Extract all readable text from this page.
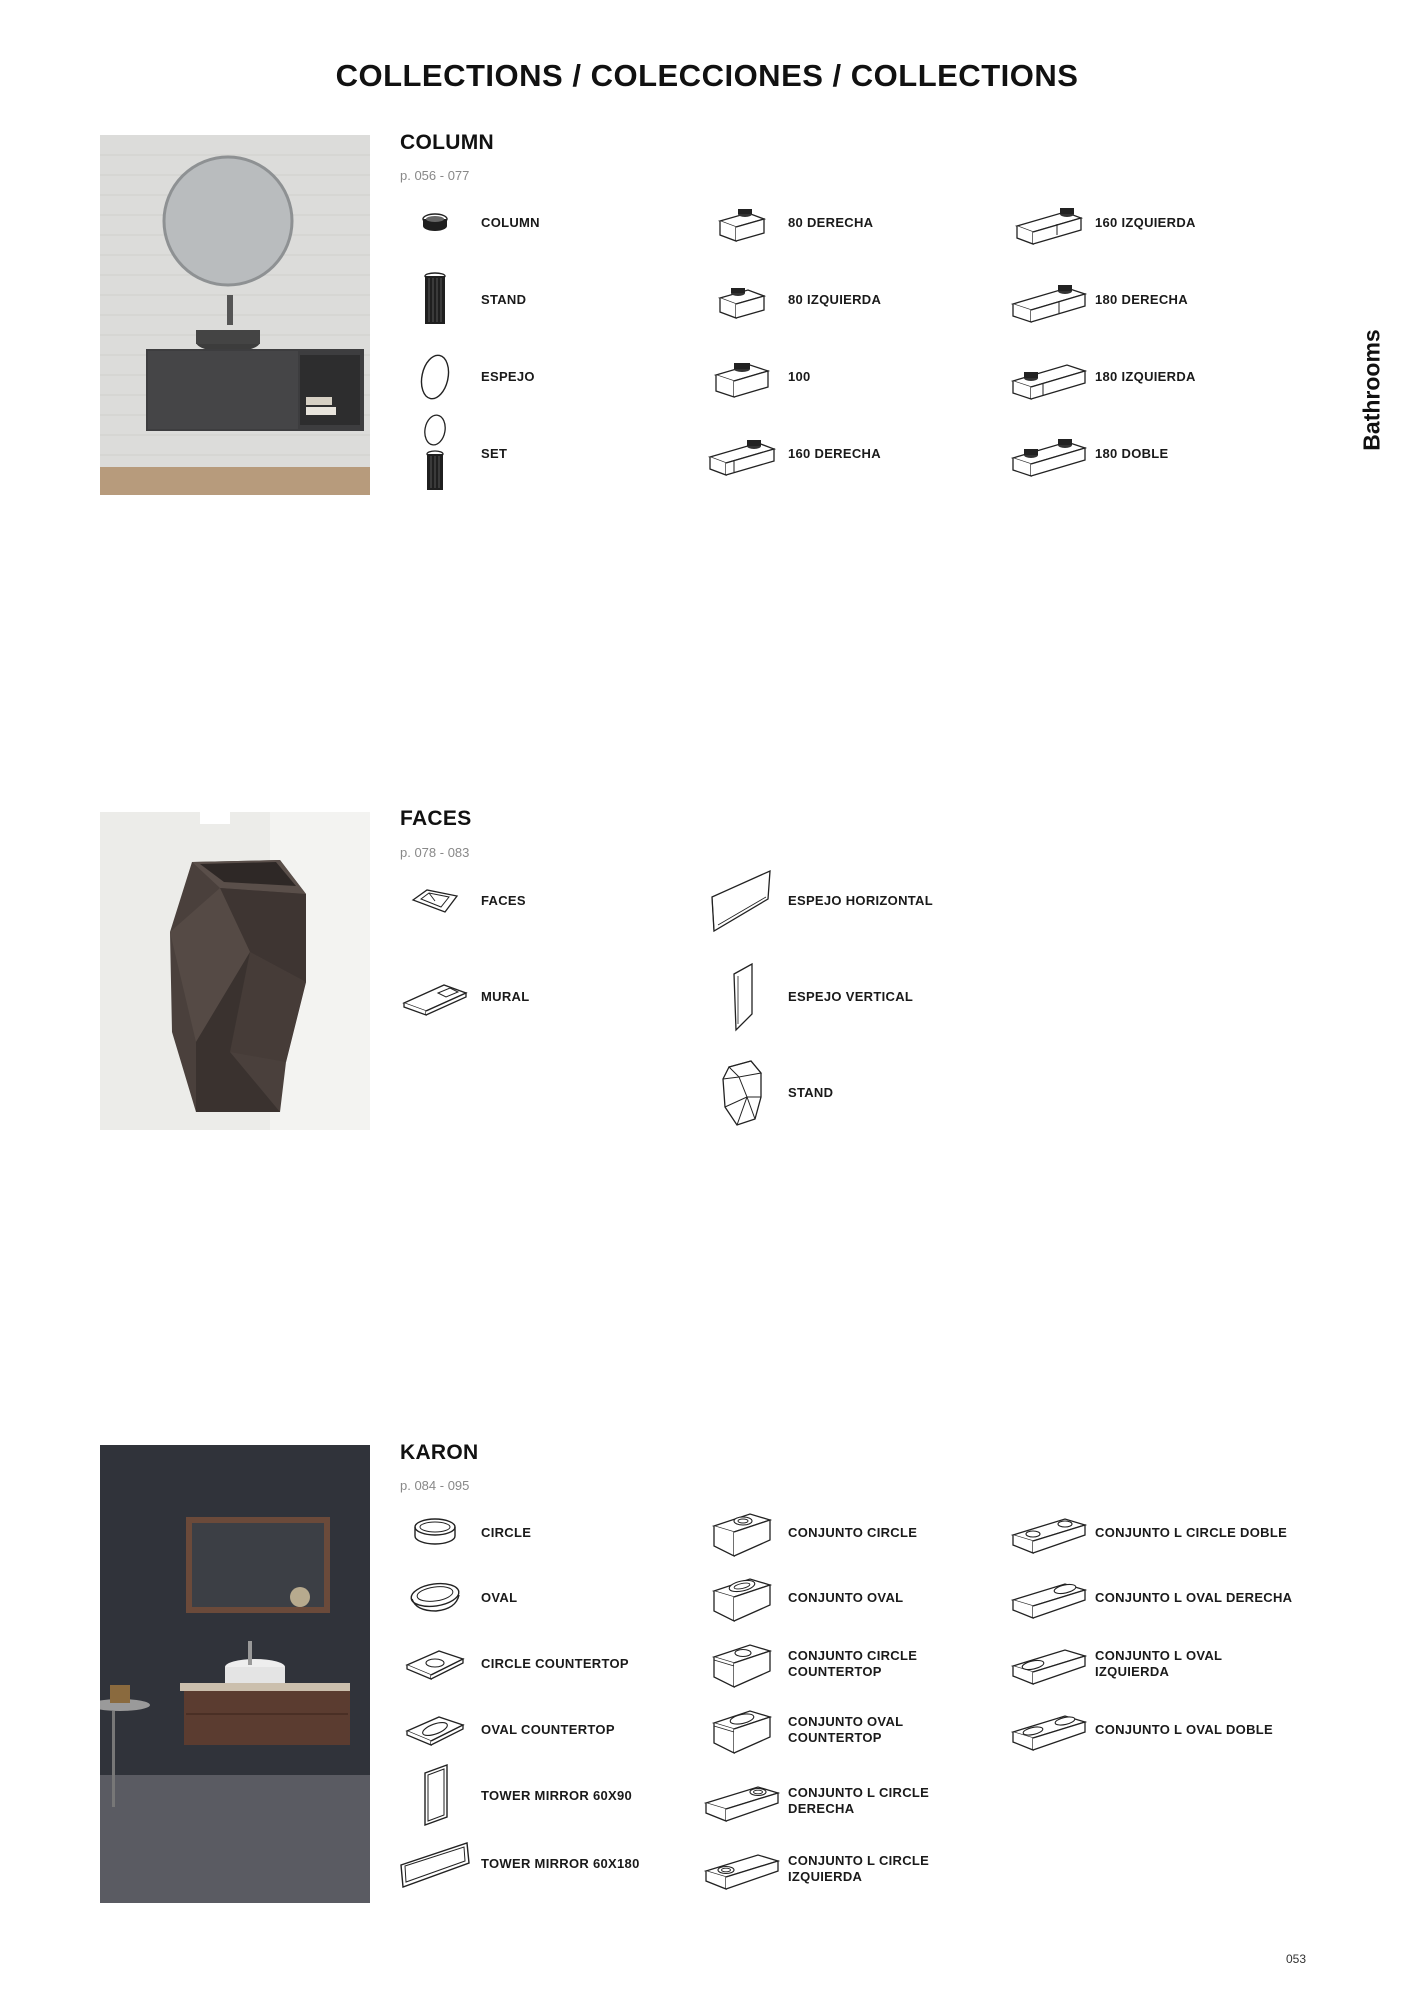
COLLECTIONS / COLECCIONES / COLLECTIONS
Bathrooms
COLUMN
p. 056 - 077
COLUMN
STAND
ESPEJO
SET
80 DERECHA
80 IZQUIERDA
100
160 DERECHA
160 IZQUIERDA
180 DERECHA
180 IZQUIERDA
180 DOBLE
FACES
p. 078 - 083
FACES
MURAL
ESPEJO HORIZONTAL
ESPEJO VERTICAL
STAND
KARON
p. 084 - 095
CIRCLE
OVAL
CIRCLE COUNTERTOP
OVAL COUNTERTOP
TOWER MIRROR 60X90
TOWER MIRROR 60X180
CONJUNTO CIRCLE
CONJUNTO OVAL
CONJUNTO CIRCLE COUNTERTOP
CONJUNTO OVAL COUNTERTOP
CONJUNTO L CIRCLE DERECHA
CONJUNTO L CIRCLE IZQUIERDA
CONJUNTO L CIRCLE DOBLE
CONJUNTO L OVAL DERECHA
CONJUNTO L OVAL IZQUIERDA
CONJUNTO L OVAL DOBLE
053
